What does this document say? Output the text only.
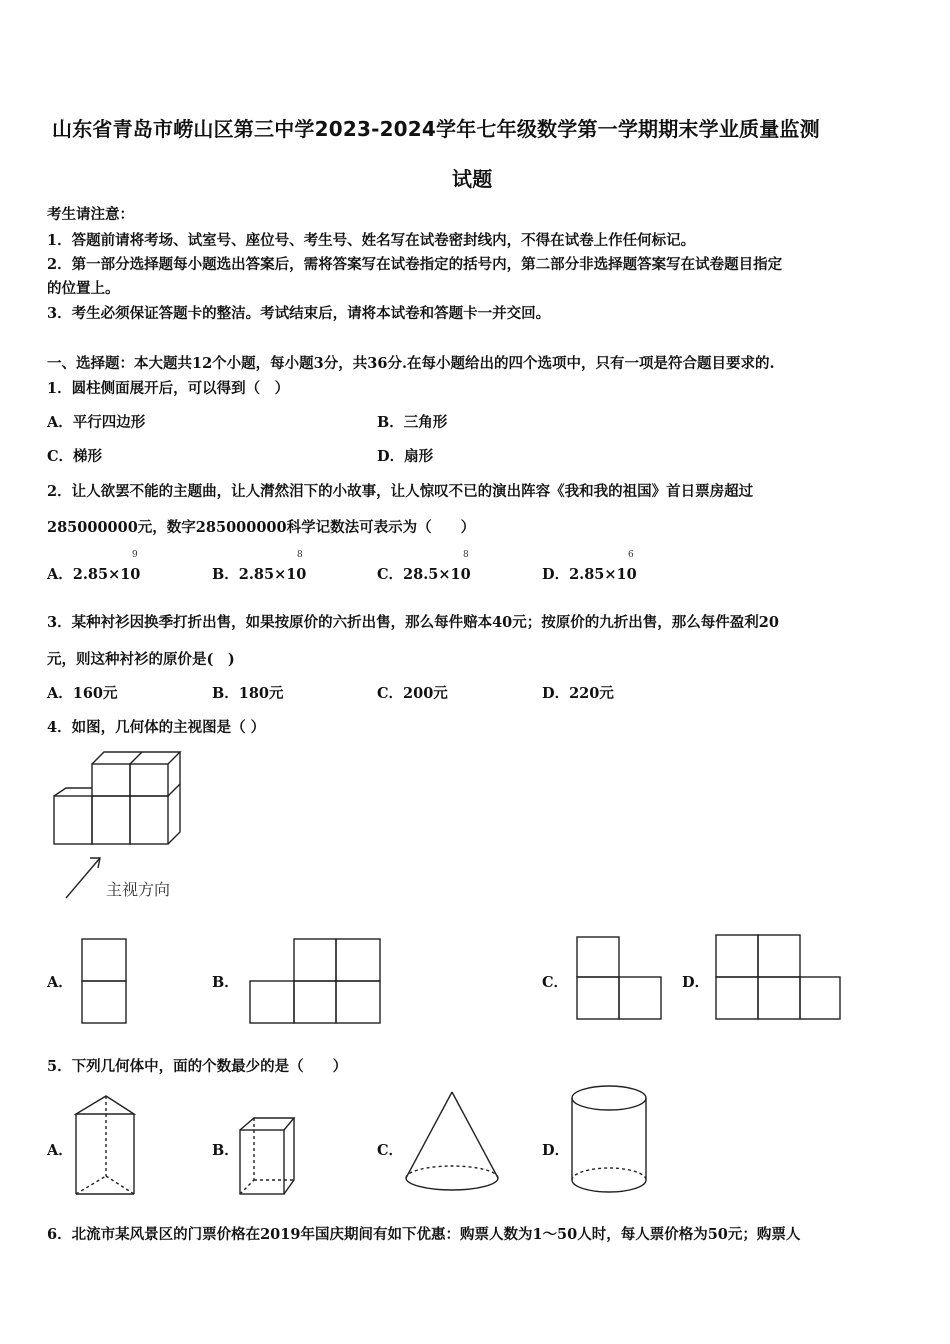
山东省青岛市崂山区第三中学2023-2024学年七年级数学第一学期期末学业质量监测
试题
考生请注意：
1．答题前请将考场、试室号、座位号、考生号、姓名写在试卷密封线内，不得在试卷上作任何标记。
2．第一部分选择题每小题选出答案后，需将答案写在试卷指定的括号内，第二部分非选择题答案写在试卷题目指定
的位置上。
3．考生必须保证答题卡的整洁。考试结束后，请将本试卷和答题卡一并交回。
一、选择题：本大题共12个小题，每小题3分，共36分.在每小题给出的四个选项中，只有一项是符合题目要求的.
1．圆柱侧面展开后，可以得到（　）
A．平行四边形	B．三角形
C．梯形	D．扇形
2．让人欲罢不能的主题曲，让人潸然泪下的小故事，让人惊叹不已的演出阵容《我和我的祖国》首日票房超过
285000000元，数字285000000科学记数法可表示为（　　）
A．2.85×10
9
B．2.85×10
8
C．28.5×10
8
D．2.85×10
6
3．某种衬衫因换季打折出售，如果按原价的六折出售，那么每件赔本40元；按原价的九折出售，那么每件盈利20
元，则这种衬衫的原价是(　)
A．160元	B．180元	C．200元	D．220元
4．如图，几何体的主视图是（ ）
主视方向
A．	B．	C．	D．
5．下列几何体中，面的个数最少的是（　　）
A．	B．	C．	D．
6．北流市某风景区的门票价格在2019年国庆期间有如下优惠：购票人数为1～50人时，每人票价格为50元；购票人
